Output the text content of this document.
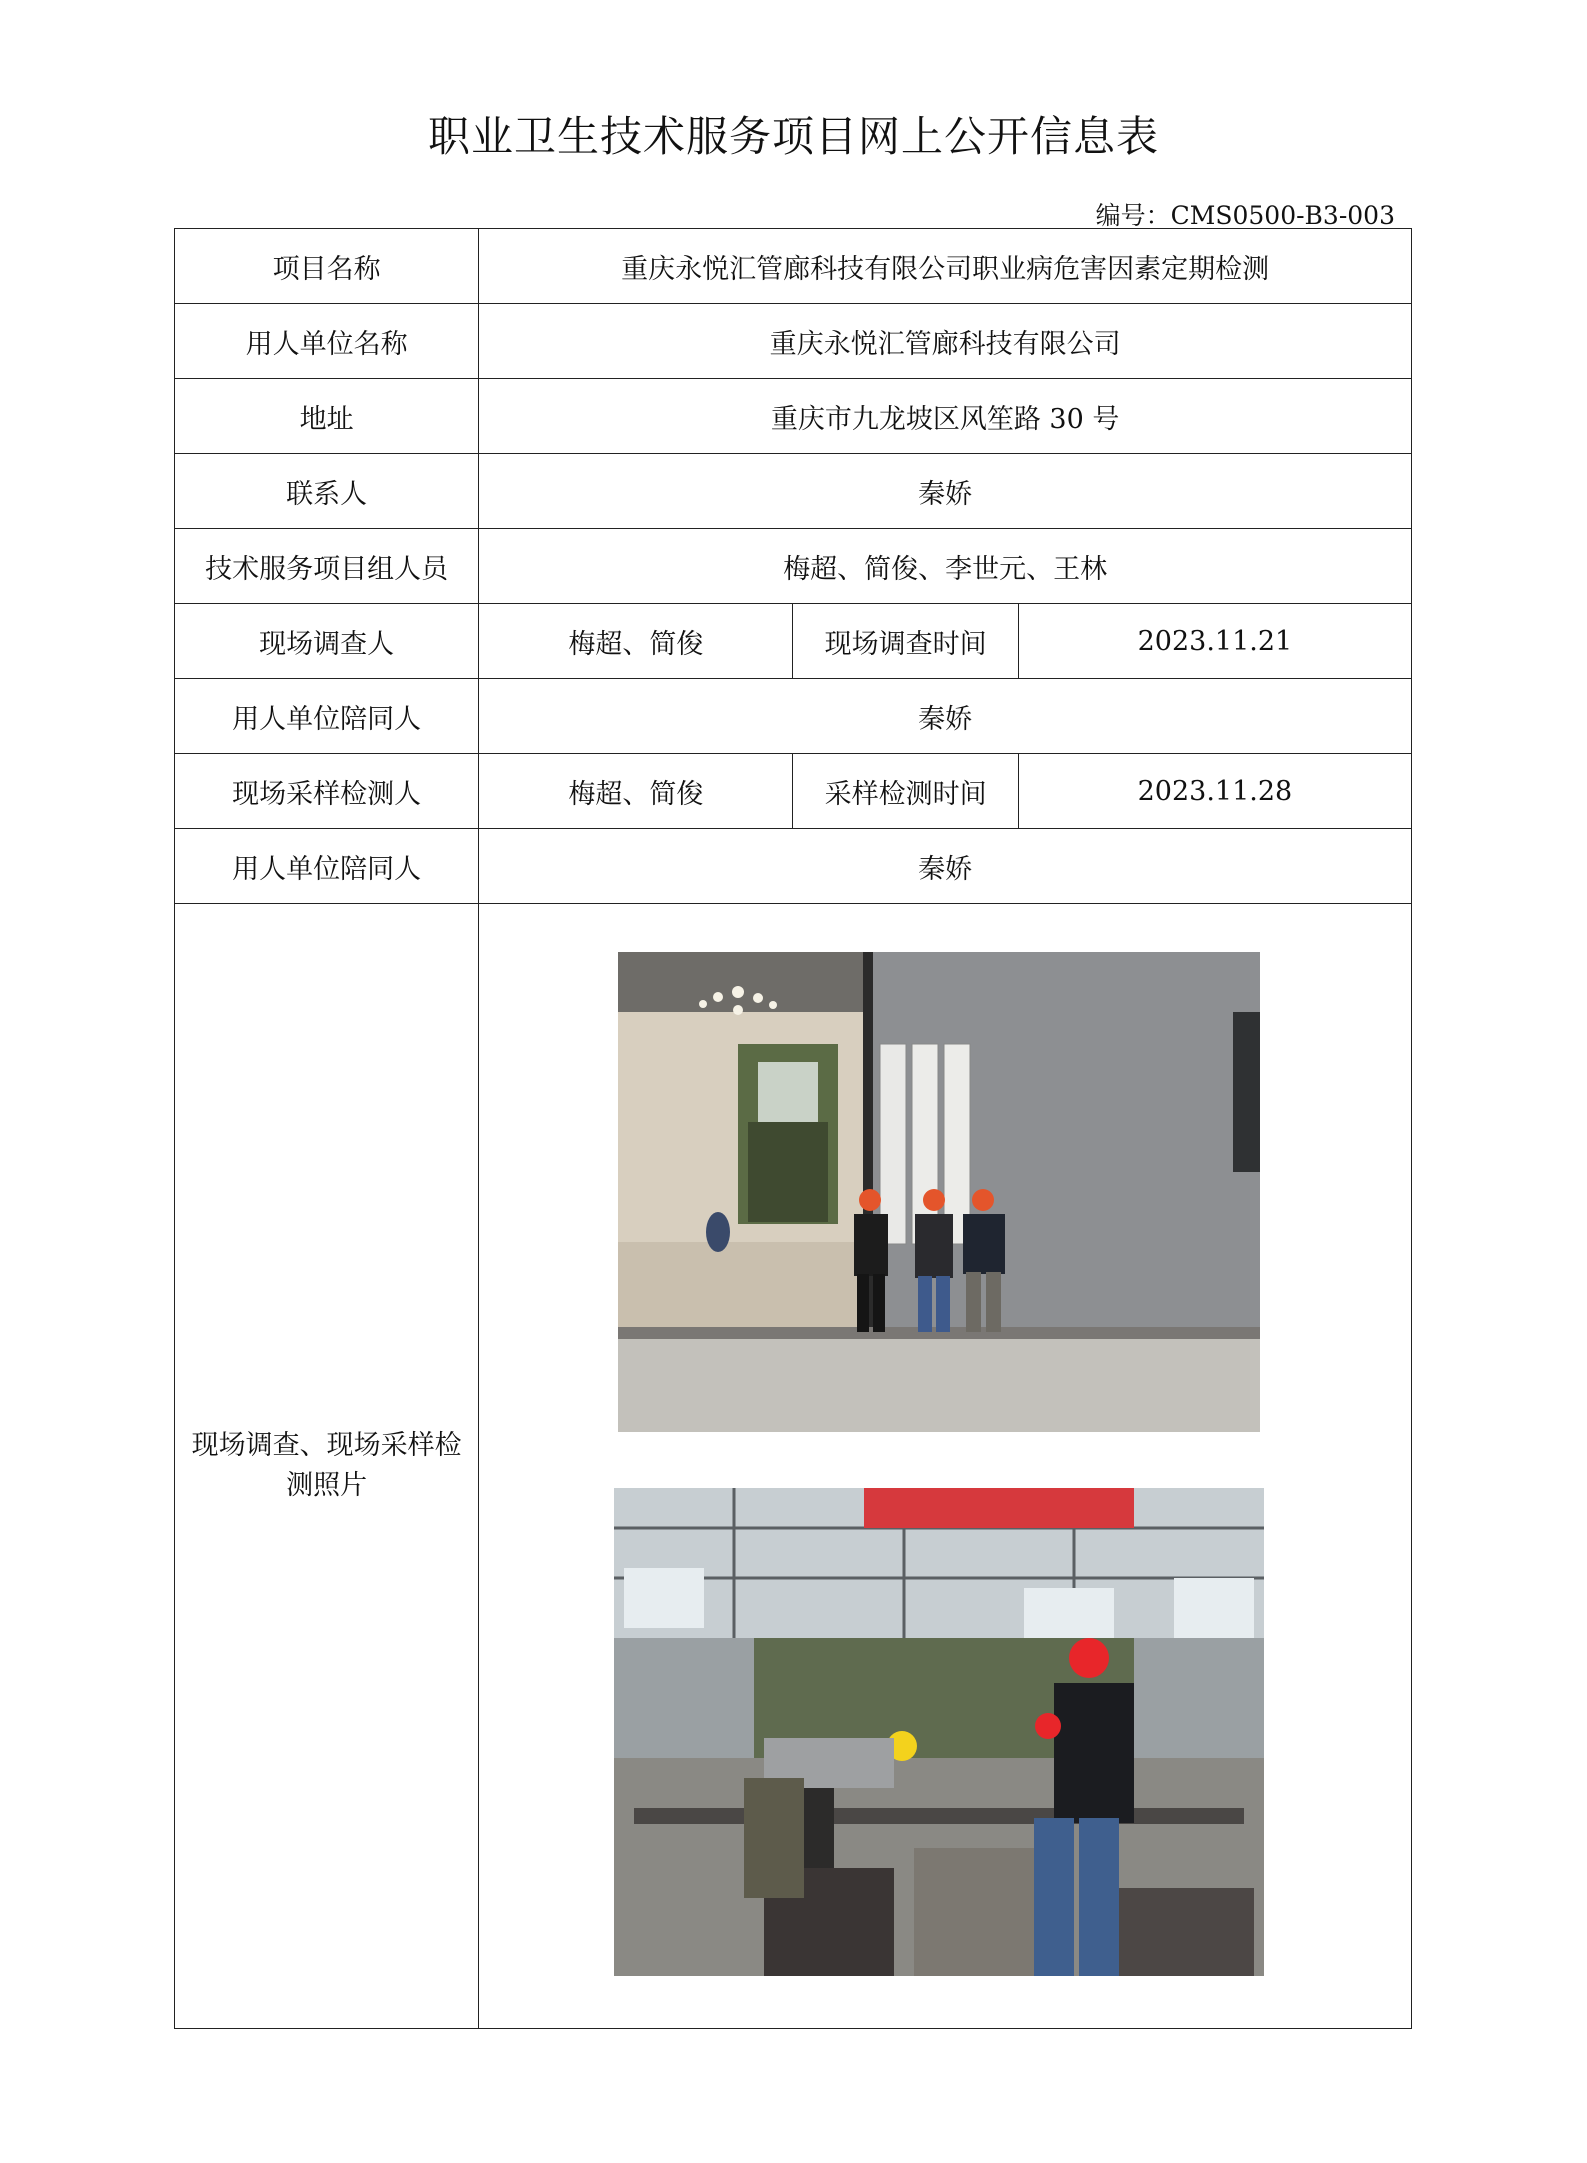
职业卫生技术服务项目网上公开信息表
编号：CMS0500-B3-003
项目名称	重庆永悦汇管廊科技有限公司职业病危害因素定期检测		
用人单位名称	重庆永悦汇管廊科技有限公司		
地址	重庆市九龙坡区风笙路 30 号		
联系人	秦娇		
技术服务项目组人员	梅超、简俊、李世元、王林		
现场调查人	梅超、简俊	现场调查时间	2023.11.21
用人单位陪同人	秦娇		
现场采样检测人	梅超、简俊	采样检测时间	2023.11.28
用人单位陪同人	秦娇		

现场调查、现场采样检
测照片
